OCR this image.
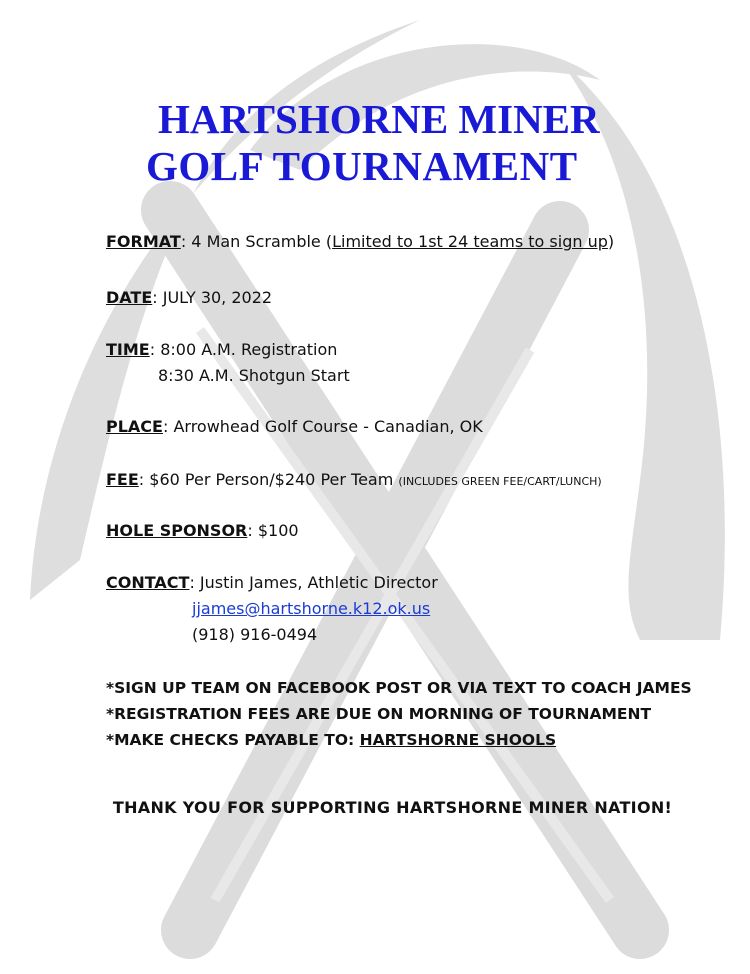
HARTSHORNE MINER
GOLF TOURNAMENT
FORMAT: 4 Man Scramble (Limited to 1st 24 teams to sign up)
DATE: JULY 30, 2022
TIME: 8:00 A.M. Registration
8:30 A.M. Shotgun Start
PLACE: Arrowhead Golf Course - Canadian, OK
FEE: $60 Per Person/$240 Per Team (INCLUDES GREEN FEE/CART/LUNCH)
HOLE SPONSOR: $100
CONTACT: Justin James, Athletic Director
jjames@hartshorne.k12.ok.us
(918) 916-0494
*SIGN UP TEAM ON FACEBOOK POST OR VIA TEXT TO COACH JAMES
*REGISTRATION FEES ARE DUE ON MORNING OF TOURNAMENT
*MAKE CHECKS PAYABLE TO: HARTSHORNE SHOOLS
THANK YOU FOR SUPPORTING HARTSHORNE MINER NATION!
